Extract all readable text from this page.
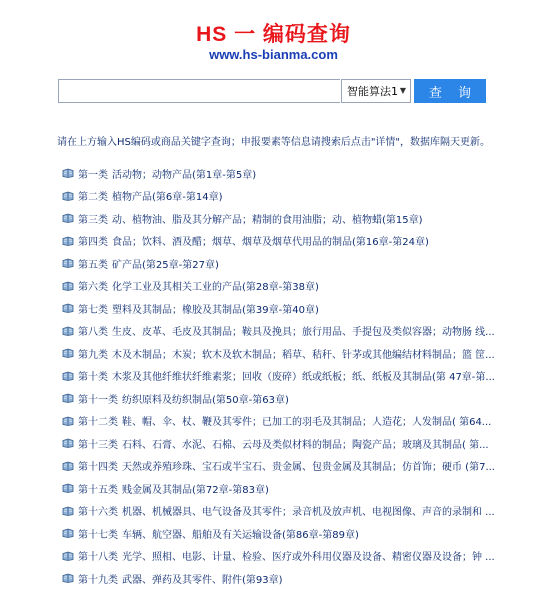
HS 一 编码查询
www.hs-bianma.com
智能算法1 ▼	查 询
请在上方输入HS编码或商品关键字查询；申报要素等信息请搜索后点击"详情"，数据库隔天更新。
第一类 活动物；动物产品(第1章-第5章)
第二类 植物产品(第6章-第14章)
第三类 动、植物油、脂及其分解产品；精制的食用油脂；动、植物蜡(第15章)
第四类 食品；饮料、酒及醋；烟草、烟草及烟草代用品的制品(第16章-第24章)
第五类 矿产品(第25章-第27章)
第六类 化学工业及其相关工业的产品(第28章-第38章)
第七类 塑料及其制品；橡胶及其制品(第39章-第40章)
第八类 生皮、皮革、毛皮及其制品；鞍具及挽具；旅行用品、手提包及类似容器；动物肠 线...
第九类 木及木制品；木炭；软木及软木制品；稻草、秸秆、针茅或其他编结材料制品；篮 筐...
第十类 木浆及其他纤维状纤维素浆；回收（废碎）纸或纸板；纸、纸板及其制品(第 47章-第...
第十一类 纺织原料及纺织制品(第50章-第63章)
第十二类 鞋、帽、伞、杖、鞭及其零件；已加工的羽毛及其制品；人造花；人发制品( 第64...
第十三类 石料、石膏、水泥、石棉、云母及类似材料的制品；陶瓷产品；玻璃及其制品( 第...
第十四类 天然或养殖珍珠、宝石或半宝石、贵金属、包贵金属及其制品；仿首饰；硬币 (第7...
第十五类 贱金属及其制品(第72章-第83章)
第十六类 机器、机械器具、电气设备及其零件；录音机及放声机、电视图像、声音的录制和 ...
第十七类 车辆、航空器、船舶及有关运输设备(第86章-第89章)
第十八类 光学、照相、电影、计量、检验、医疗或外科用仪器及设备、精密仪器及设备；钟 ...
第十九类 武器、弹药及其零件、附件(第93章)
